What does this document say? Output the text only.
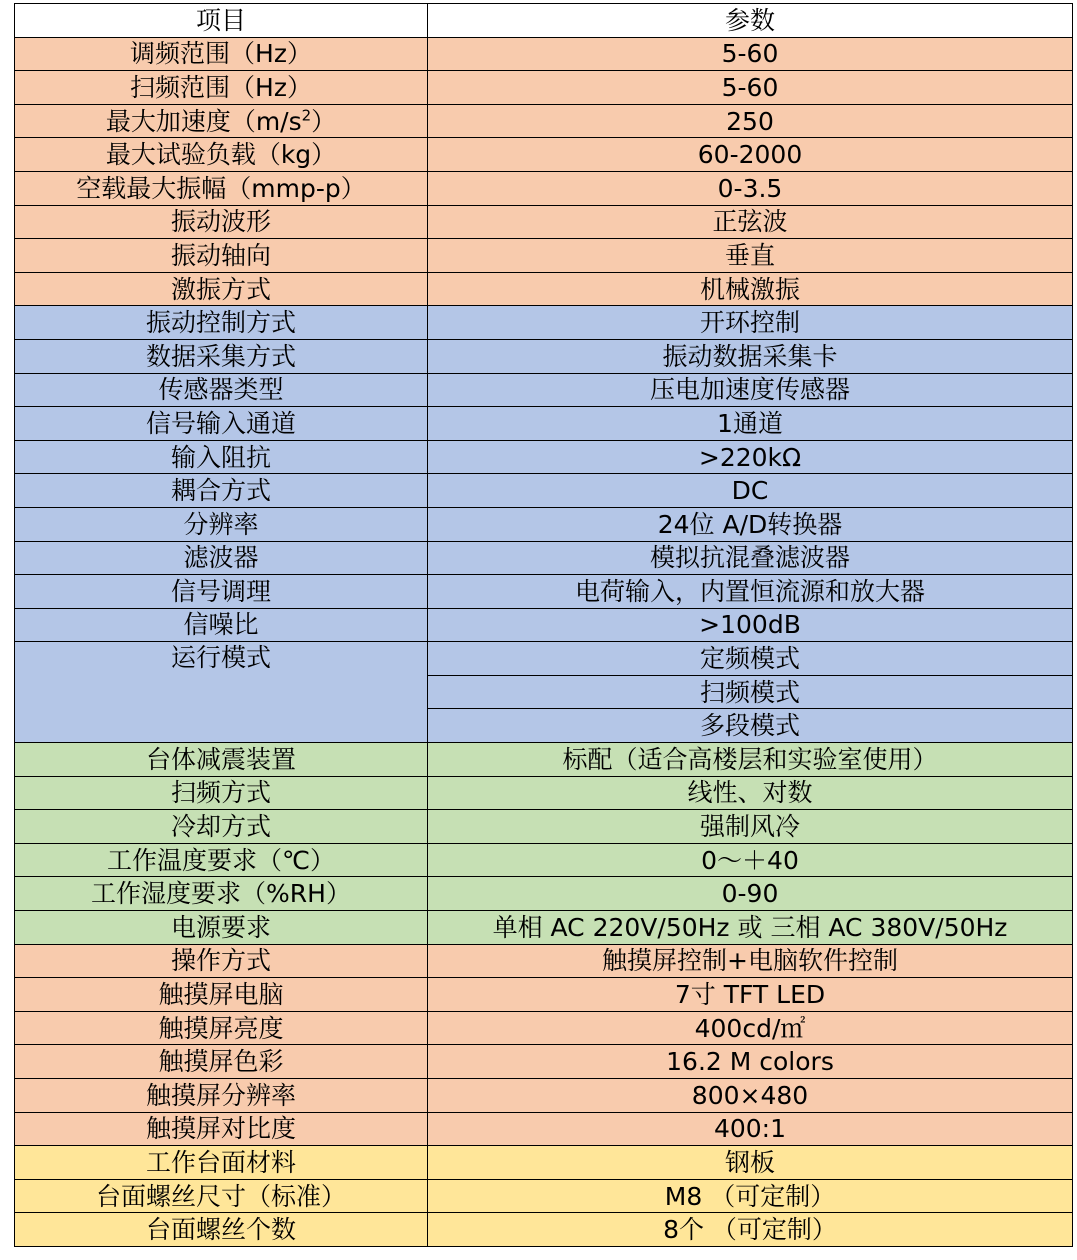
项目	参数
调频范围（Hz）	5-60
扫频范围（Hz）	5-60
最大加速度$(m/s^2)$	250
最大试验负载（kg）	60-2000
空载最大振幅（mmp-p）	0-3.5
振动波形	正弦波
振动轴向	垂直
激振方式	机械激振
振动控制方式	开环控制
数据采集方式	振动数据采集卡
传感器类型	压电加速度传感器
信号输入通道	1通道
输入阻抗	>220kΩ
耦合方式	DC
分辨率	24位 A/D转换器
滤波器	模拟抗混叠滤波器
信号调理	电荷输入，内置恒流源和放大器
信噪比	>100dB
运行模式	定频模式
	扫频模式
	多段模式
台体减震装置	标配（适合高楼层和实验室使用）
扫频方式	线性、对数
冷却方式	强制风冷
工作温度要求（℃）	0～＋40
工作湿度要求（%RH）	0-90
电源要求	单相 AC 220V/50Hz 或 三相 AC 380V/50Hz
操作方式	触摸屏控制+电脑软件控制
触摸屏电脑	7寸 TFT LED
触摸屏亮度	400cd/㎡
触摸屏色彩	16.2 M colors
触摸屏分辨率	800×480
触摸屏对比度	400:1
工作台面材料	钢板
台面螺丝尺寸（标准）	M8 （可定制）
台面螺丝个数	8个 （可定制）
